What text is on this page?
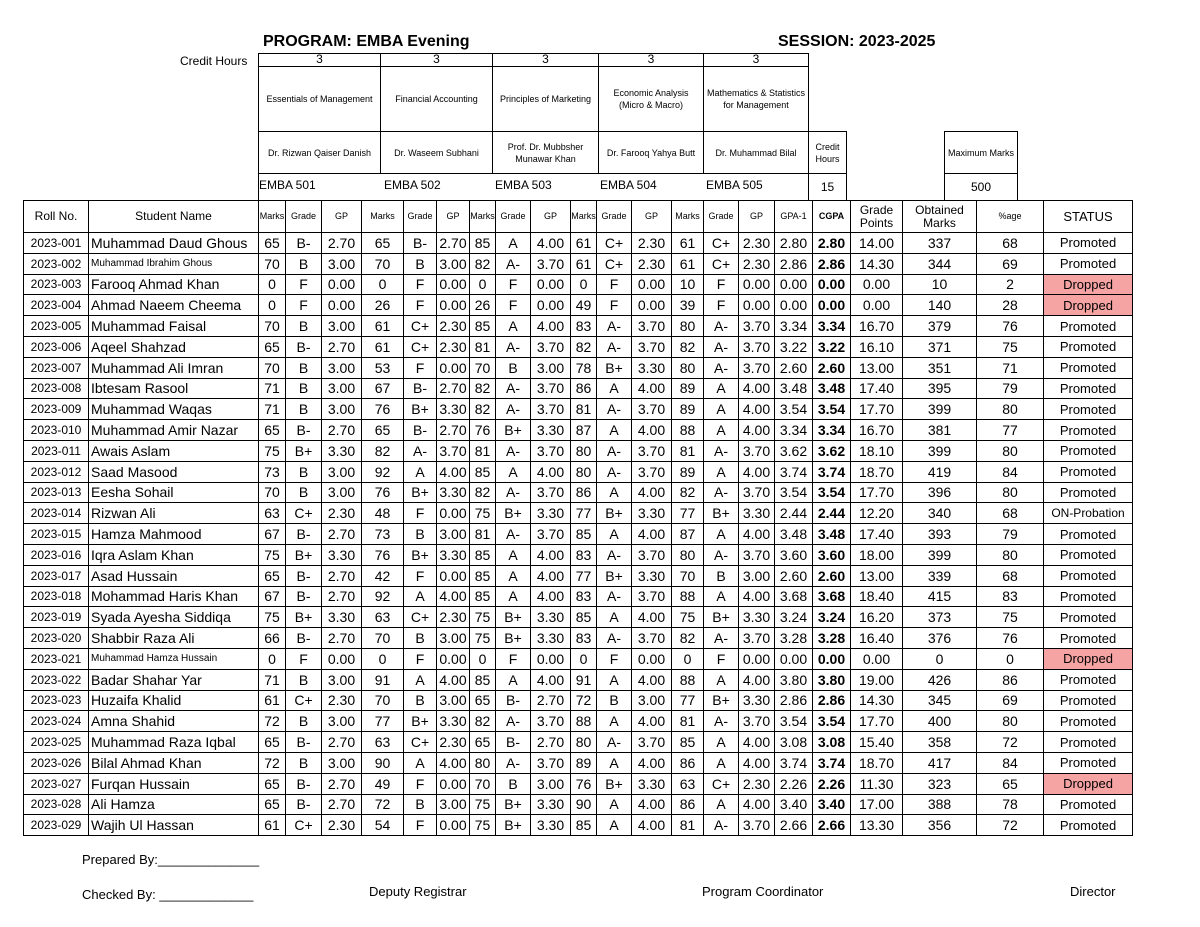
PROGRAM: EMBA Evening	SESSION: 2023-2025
Credit Hours	3	3	3	3	3
Essentials of Management	Financial Accounting	Principles of Marketing
Economic Analysis (Micro & Macro)
Mathematics & Statistics for Management
Dr. Rizwan Qaiser Danish	Dr. Waseem Subhani
Prof. Dr. Mubbsher Munawar Khan
Dr. Farooq Yahya Butt	Dr. Muhammad Bilal
EMBA 501	EMBA 502	EMBA 503	EMBA 504	EMBA 505
Credit Hours
15
Maximum Marks
500
Roll No.	Student Name	Marks	Grade	GP	Marks	Grade	GP	Marks	Grade	GP	Marks	Grade	GP	Marks	Grade	GP	GPA-1	CGPA	Grade Points	Obtained Marks	%age	STATUS
2023-001	Muhammad Daud Ghous	65	B-	2.70	65	B-	2.70	85	A	4.00	61	C+	2.30	61	C+	2.30	2.80	2.80	14.00	337	68	Promoted
2023-002	Muhammad Ibrahim Ghous	70	B	3.00	70	B	3.00	82	A-	3.70	61	C+	2.30	61	C+	2.30	2.86	2.86	14.30	344	69	Promoted
2023-003	Farooq Ahmad Khan	0	F	0.00	0	F	0.00	0	F	0.00	0	F	0.00	10	F	0.00	0.00	0.00	0.00	10	2	Dropped
2023-004	Ahmad Naeem Cheema	0	F	0.00	26	F	0.00	26	F	0.00	49	F	0.00	39	F	0.00	0.00	0.00	0.00	140	28	Dropped
2023-005	Muhammad Faisal	70	B	3.00	61	C+	2.30	85	A	4.00	83	A-	3.70	80	A-	3.70	3.34	3.34	16.70	379	76	Promoted
2023-006	Aqeel Shahzad	65	B-	2.70	61	C+	2.30	81	A-	3.70	82	A-	3.70	82	A-	3.70	3.22	3.22	16.10	371	75	Promoted
2023-007	Muhammad Ali Imran	70	B	3.00	53	F	0.00	70	B	3.00	78	B+	3.30	80	A-	3.70	2.60	2.60	13.00	351	71	Promoted
2023-008	Ibtesam Rasool	71	B	3.00	67	B-	2.70	82	A-	3.70	86	A	4.00	89	A	4.00	3.48	3.48	17.40	395	79	Promoted
2023-009	Muhammad Waqas	71	B	3.00	76	B+	3.30	82	A-	3.70	81	A-	3.70	89	A	4.00	3.54	3.54	17.70	399	80	Promoted
2023-010	Muhammad Amir Nazar	65	B-	2.70	65	B-	2.70	76	B+	3.30	87	A	4.00	88	A	4.00	3.34	3.34	16.70	381	77	Promoted
2023-011	Awais Aslam	75	B+	3.30	82	A-	3.70	81	A-	3.70	80	A-	3.70	81	A-	3.70	3.62	3.62	18.10	399	80	Promoted
2023-012	Saad Masood	73	B	3.00	92	A	4.00	85	A	4.00	80	A-	3.70	89	A	4.00	3.74	3.74	18.70	419	84	Promoted
2023-013	Eesha Sohail	70	B	3.00	76	B+	3.30	82	A-	3.70	86	A	4.00	82	A-	3.70	3.54	3.54	17.70	396	80	Promoted
2023-014	Rizwan Ali	63	C+	2.30	48	F	0.00	75	B+	3.30	77	B+	3.30	77	B+	3.30	2.44	2.44	12.20	340	68	ON-Probation
2023-015	Hamza Mahmood	67	B-	2.70	73	B	3.00	81	A-	3.70	85	A	4.00	87	A	4.00	3.48	3.48	17.40	393	79	Promoted
2023-016	Iqra Aslam Khan	75	B+	3.30	76	B+	3.30	85	A	4.00	83	A-	3.70	80	A-	3.70	3.60	3.60	18.00	399	80	Promoted
2023-017	Asad Hussain	65	B-	2.70	42	F	0.00	85	A	4.00	77	B+	3.30	70	B	3.00	2.60	2.60	13.00	339	68	Promoted
2023-018	Mohammad Haris Khan	67	B-	2.70	92	A	4.00	85	A	4.00	83	A-	3.70	88	A	4.00	3.68	3.68	18.40	415	83	Promoted
2023-019	Syada Ayesha Siddiqa	75	B+	3.30	63	C+	2.30	75	B+	3.30	85	A	4.00	75	B+	3.30	3.24	3.24	16.20	373	75	Promoted
2023-020	Shabbir Raza Ali	66	B-	2.70	70	B	3.00	75	B+	3.30	83	A-	3.70	82	A-	3.70	3.28	3.28	16.40	376	76	Promoted
2023-021	Muhammad Hamza Hussain	0	F	0.00	0	F	0.00	0	F	0.00	0	F	0.00	0	F	0.00	0.00	0.00	0.00	0	0	Dropped
2023-022	Badar Shahar Yar	71	B	3.00	91	A	4.00	85	A	4.00	91	A	4.00	88	A	4.00	3.80	3.80	19.00	426	86	Promoted
2023-023	Huzaifa Khalid	61	C+	2.30	70	B	3.00	65	B-	2.70	72	B	3.00	77	B+	3.30	2.86	2.86	14.30	345	69	Promoted
2023-024	Amna Shahid	72	B	3.00	77	B+	3.30	82	A-	3.70	88	A	4.00	81	A-	3.70	3.54	3.54	17.70	400	80	Promoted
2023-025	Muhammad Raza Iqbal	65	B-	2.70	63	C+	2.30	65	B-	2.70	80	A-	3.70	85	A	4.00	3.08	3.08	15.40	358	72	Promoted
2023-026	Bilal Ahmad Khan	72	B	3.00	90	A	4.00	80	A-	3.70	89	A	4.00	86	A	4.00	3.74	3.74	18.70	417	84	Promoted
2023-027	Furqan Hussain	65	B-	2.70	49	F	0.00	70	B	3.00	76	B+	3.30	63	C+	2.30	2.26	2.26	11.30	323	65	Dropped
2023-028	Ali Hamza	65	B-	2.70	72	B	3.00	75	B+	3.30	90	A	4.00	86	A	4.00	3.40	3.40	17.00	388	78	Promoted
2023-029	Wajih Ul Hassan	61	C+	2.30	54	F	0.00	75	B+	3.30	85	A	4.00	81	A-	3.70	2.66	2.66	13.30	356	72	Promoted
Prepared By:______________
Checked By: _____________	Deputy Registrar	Program Coordinator	Director
